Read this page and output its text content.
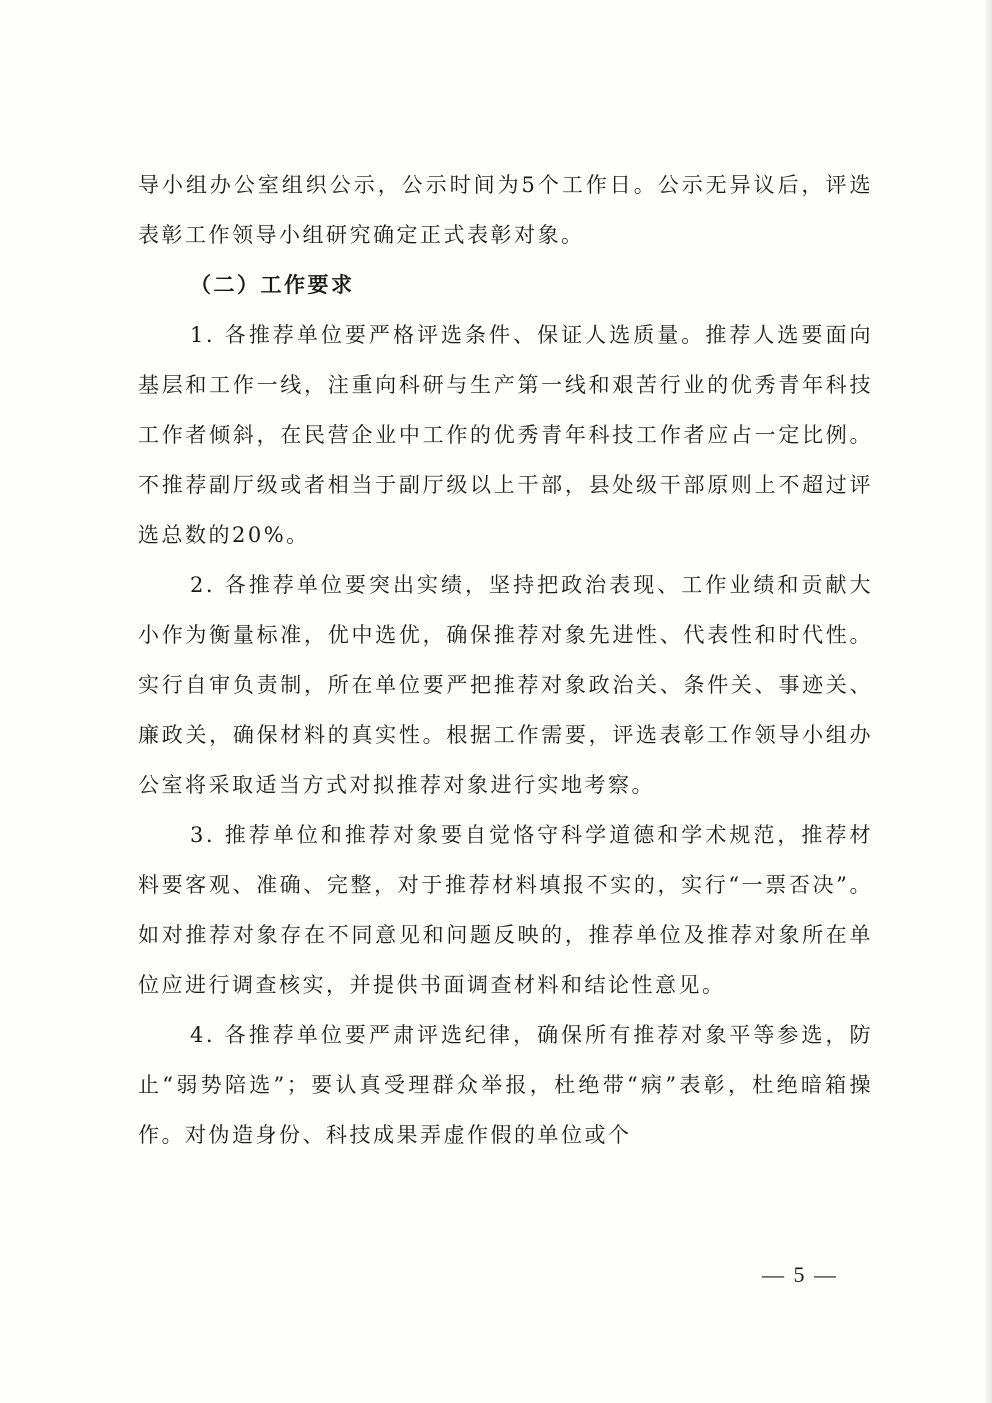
导小组办公室组织公示，公示时间为5个工作日。公示无异议后，评选表彰工作领导小组研究确定正式表彰对象。

（二）工作要求

1. 各推荐单位要严格评选条件、保证人选质量。推荐人选要面向基层和工作一线，注重向科研与生产第一线和艰苦行业的优秀青年科技工作者倾斜，在民营企业中工作的优秀青年科技工作者应占一定比例。不推荐副厅级或者相当于副厅级以上干部，县处级干部原则上不超过评选总数的20%。

2. 各推荐单位要突出实绩，坚持把政治表现、工作业绩和贡献大小作为衡量标准，优中选优，确保推荐对象先进性、代表性和时代性。实行自审负责制，所在单位要严把推荐对象政治关、条件关、事迹关、廉政关，确保材料的真实性。根据工作需要，评选表彰工作领导小组办公室将采取适当方式对拟推荐对象进行实地考察。

3. 推荐单位和推荐对象要自觉恪守科学道德和学术规范，推荐材料要客观、准确、完整，对于推荐材料填报不实的，实行“一票否决”。如对推荐对象存在不同意见和问题反映的，推荐单位及推荐对象所在单位应进行调查核实，并提供书面调查材料和结论性意见。

4. 各推荐单位要严肃评选纪律，确保所有推荐对象平等参选，防止“弱势陪选”；要认真受理群众举报，杜绝带“病”表彰，杜绝暗箱操作。对伪造身份、科技成果弄虚作假的单位或个

— 5 —
